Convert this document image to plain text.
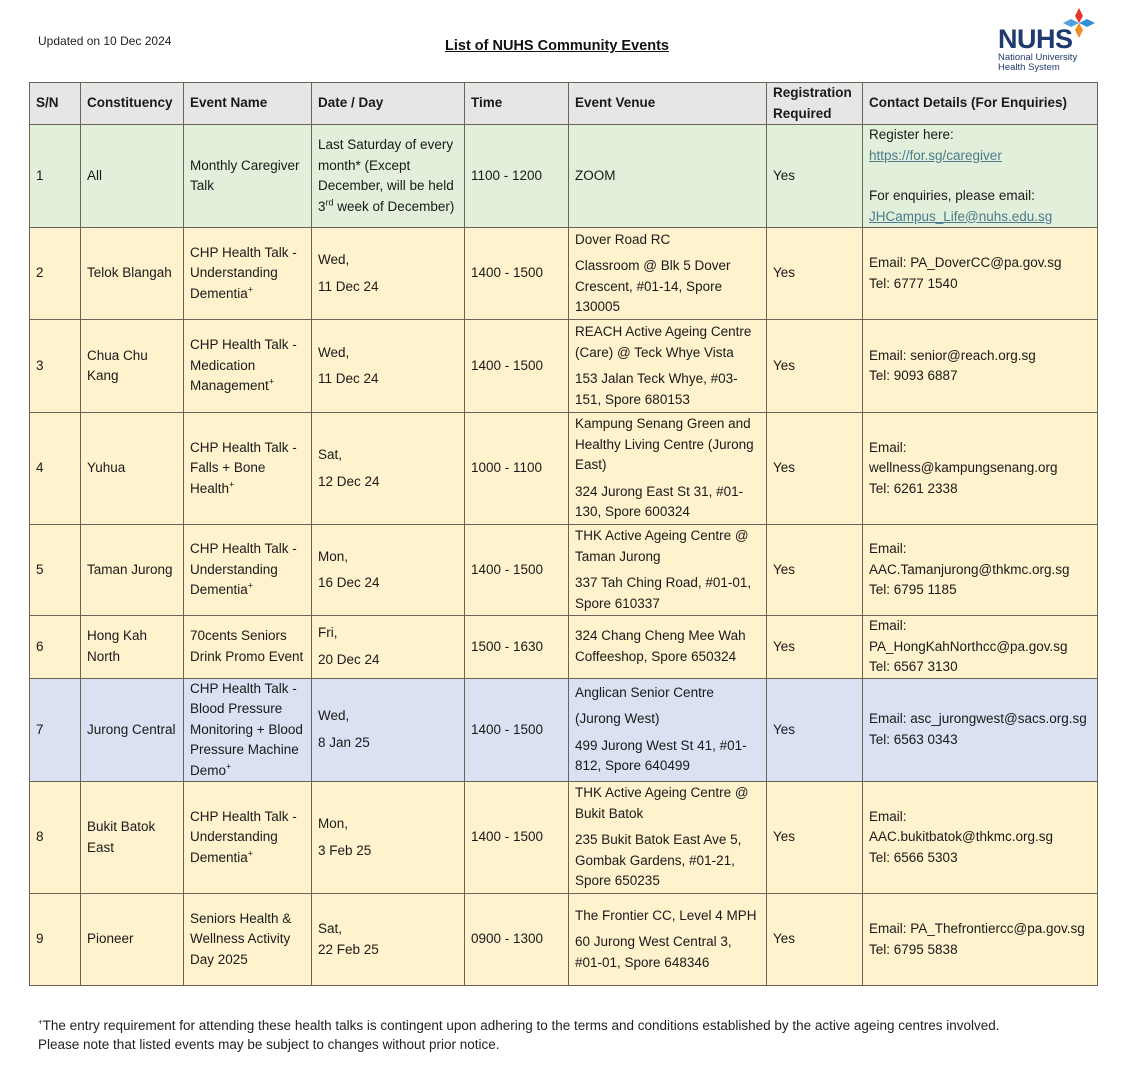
Updated on 10 Dec 2024	List of NUHS Community Events	NUHS
National University
Health System
S/N	Constituency	Event Name	Date / Day	Time	Event Venue	Registration Required	Contact Details (For Enquiries)
1	All	Monthly Caregiver Talk	Last Saturday of every month* (Except December, will be held 3rd week of December)	1100 - 1200	ZOOM	Yes	Register here:
https://for.sg/caregiver
For enquiries, please email:
JHCampus_Life@nuhs.edu.sg

2	Telok Blangah	CHP Health Talk - Understanding Dementia+	Wed,
11 Dec 24	1400 - 1500	Dover Road RC
Classroom @ Blk 5 Dover Crescent, #01-14, Spore 130005	Yes	Email: PA_DoverCC@pa.gov.sg
Tel: 6777 1540

3	Chua Chu Kang	CHP Health Talk - Medication Management+	Wed,
11 Dec 24	1400 - 1500	REACH Active Ageing Centre (Care) @ Teck Whye Vista
153 Jalan Teck Whye, #03-151, Spore 680153	Yes	Email: senior@reach.org.sg
Tel: 9093 6887

4	Yuhua	CHP Health Talk - Falls + Bone Health+	Sat,
12 Dec 24	1000 - 1100	Kampung Senang Green and Healthy Living Centre (Jurong East)
324 Jurong East St 31, #01-130, Spore 600324	Yes	Email: wellness@kampungsenang.org
Tel: 6261 2338

5	Taman Jurong	CHP Health Talk - Understanding Dementia+	Mon,
16 Dec 24	1400 - 1500	THK Active Ageing Centre @ Taman Jurong
337 Tah Ching Road, #01-01, Spore 610337	Yes	Email: AAC.Tamanjurong@thkmc.org.sg
Tel: 6795 1185

6	Hong Kah North	70cents Seniors Drink Promo Event	Fri,
20 Dec 24	1500 - 1630	324 Chang Cheng Mee Wah Coffeeshop, Spore 650324	Yes	Email: PA_HongKahNorthcc@pa.gov.sg
Tel: 6567 3130

7	Jurong Central	CHP Health Talk - Blood Pressure Monitoring + Blood Pressure Machine Demo+	Wed,
8 Jan 25	1400 - 1500	Anglican Senior Centre
(Jurong West)
499 Jurong West St 41, #01-812, Spore 640499	Yes	Email: asc_jurongwest@sacs.org.sg
Tel: 6563 0343

8	Bukit Batok East	CHP Health Talk - Understanding Dementia+	Mon,
3 Feb 25	1400 - 1500	THK Active Ageing Centre @ Bukit Batok
235 Bukit Batok East Ave 5, Gombak Gardens, #01-21, Spore 650235	Yes	Email: AAC.bukitbatok@thkmc.org.sg
Tel: 6566 5303

9	Pioneer	Seniors Health & Wellness Activity Day 2025	Sat,
22 Feb 25	0900 - 1300	The Frontier CC, Level 4 MPH
60 Jurong West Central 3, #01-01, Spore 648346	Yes	Email: PA_Thefrontiercc@pa.gov.sg
Tel: 6795 5838
+The entry requirement for attending these health talks is contingent upon adhering to the terms and conditions established by the active ageing centres involved.
Please note that listed events may be subject to changes without prior notice.
